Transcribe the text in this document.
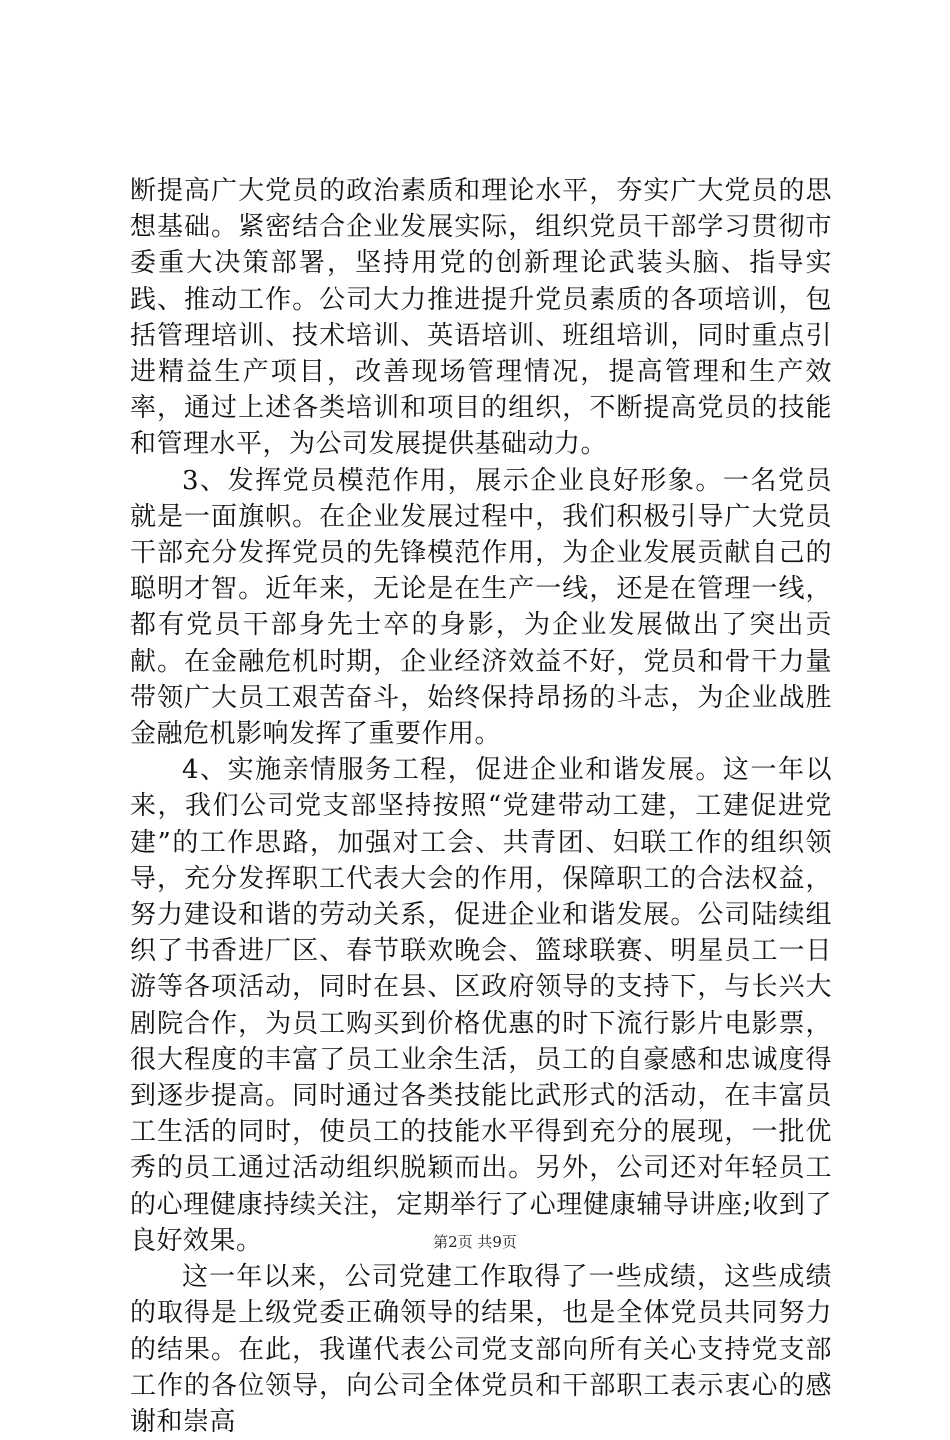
断提高广大党员的政治素质和理论水平，夯实广大党员的思想基础。紧密结合企业发展实际，组织党员干部学习贯彻市委重大决策部署，坚持用党的创新理论武装头脑、指导实践、推动工作。公司大力推进提升党员素质的各项培训，包括管理培训、技术培训、英语培训、班组培训，同时重点引进精益生产项目，改善现场管理情况，提高管理和生产效率，通过上述各类培训和项目的组织，不断提高党员的技能和管理水平，为公司发展提供基础动力。

3、发挥党员模范作用，展示企业良好形象。一名党员就是一面旗帜。在企业发展过程中，我们积极引导广大党员干部充分发挥党员的先锋模范作用，为企业发展贡献自己的聪明才智。近年来，无论是在生产一线，还是在管理一线，都有党员干部身先士卒的身影，为企业发展做出了突出贡献。在金融危机时期，企业经济效益不好，党员和骨干力量带领广大员工艰苦奋斗，始终保持昂扬的斗志，为企业战胜金融危机影响发挥了重要作用。

4、实施亲情服务工程，促进企业和谐发展。这一年以来，我们公司党支部坚持按照“党建带动工建，工建促进党建”的工作思路，加强对工会、共青团、妇联工作的组织领导，充分发挥职工代表大会的作用，保障职工的合法权益，努力建设和谐的劳动关系，促进企业和谐发展。公司陆续组织了书香进厂区、春节联欢晚会、篮球联赛、明星员工一日游等各项活动，同时在县、区政府领导的支持下，与长兴大剧院合作，为员工购买到价格优惠的时下流行影片电影票，很大程度的丰富了员工业余生活，员工的自豪感和忠诚度得到逐步提高。同时通过各类技能比武形式的活动，在丰富员工生活的同时，使员工的技能水平得到充分的展现，一批优秀的员工通过活动组织脱颖而出。另外，公司还对年轻员工的心理健康持续关注，定期举行了心理健康辅导讲座;收到了良好效果。

这一年以来，公司党建工作取得了一些成绩，这些成绩的取得是上级党委正确领导的结果，也是全体党员共同努力的结果。在此，我谨代表公司党支部向所有关心支持党支部工作的各位领导，向公司全体党员和干部职工表示衷心的感谢和崇高

第2页 共9页
